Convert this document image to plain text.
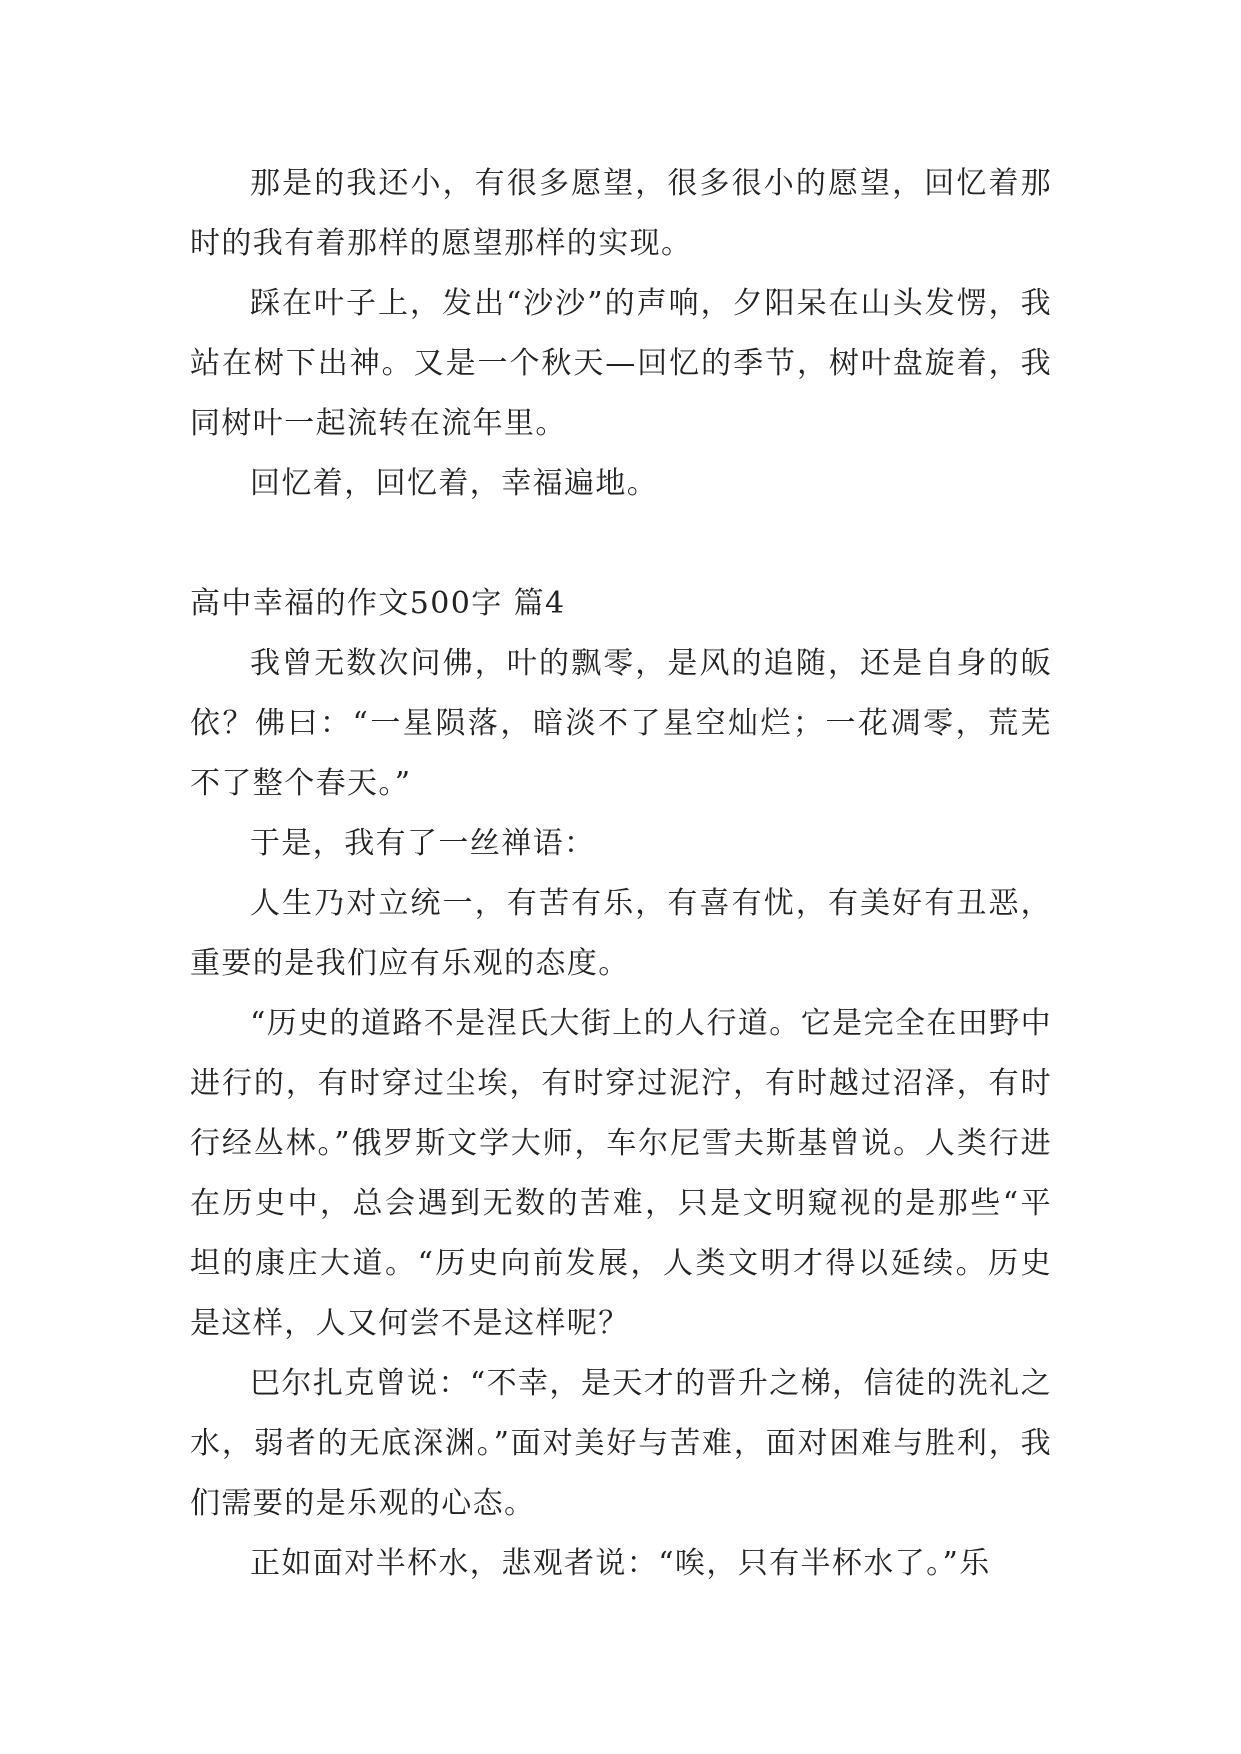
那是的我还小，有很多愿望，很多很小的愿望，回忆着那时的我有着那样的愿望那样的实现。

踩在叶子上，发出“沙沙”的声响，夕阳呆在山头发愣，我站在树下出神。又是一个秋天—回忆的季节，树叶盘旋着，我同树叶一起流转在流年里。

回忆着，回忆着，幸福遍地。

高中幸福的作文500字 篇4

我曾无数次问佛，叶的飘零，是风的追随，还是自身的皈依？佛曰：“一星陨落，暗淡不了星空灿烂；一花凋零，荒芜不了整个春天。”

于是，我有了一丝禅语：

人生乃对立统一，有苦有乐，有喜有忧，有美好有丑恶，重要的是我们应有乐观的态度。

“历史的道路不是涅氏大街上的人行道。它是完全在田野中进行的，有时穿过尘埃，有时穿过泥泞，有时越过沼泽，有时行经丛林。”俄罗斯文学大师，车尔尼雪夫斯基曾说。人类行进在历史中，总会遇到无数的苦难，只是文明窥视的是那些“平坦的康庄大道。“历史向前发展，人类文明才得以延续。历史是这样，人又何尝不是这样呢？

巴尔扎克曾说：“不幸，是天才的晋升之梯，信徒的洗礼之水，弱者的无底深渊。”面对美好与苦难，面对困难与胜利，我们需要的是乐观的心态。

正如面对半杯水，悲观者说：“唉，只有半杯水了。”乐
